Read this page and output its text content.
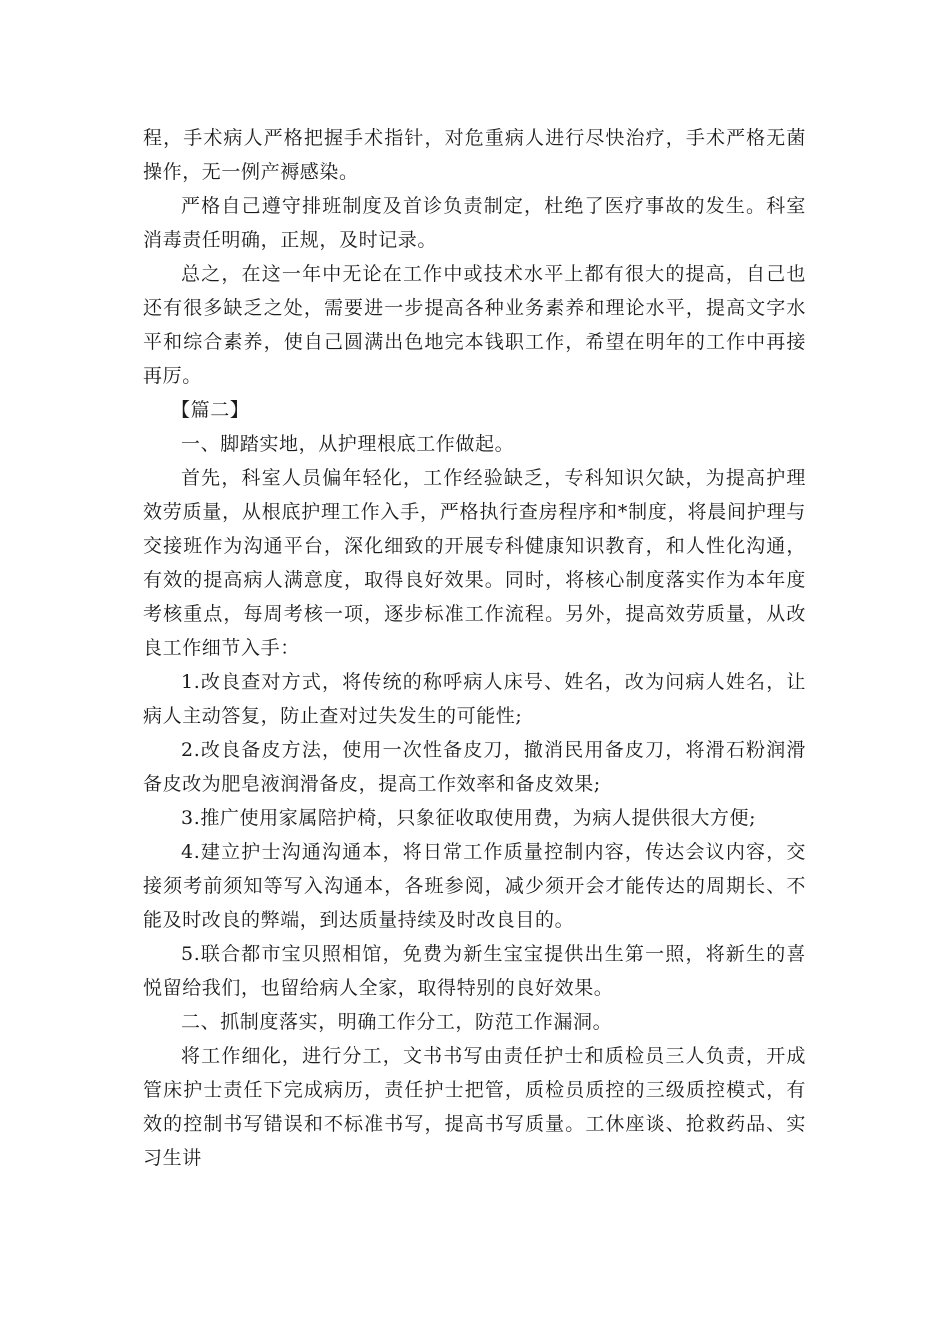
程，手术病人严格把握手术指针，对危重病人进行尽快治疗，手术严格无菌操作，无一例产褥感染。

严格自己遵守排班制度及首诊负责制定，杜绝了医疗事故的发生。科室消毒责任明确，正规，及时记录。

总之，在这一年中无论在工作中或技术水平上都有很大的提高，自己也还有很多缺乏之处，需要进一步提高各种业务素养和理论水平，提高文字水平和综合素养，使自己圆满出色地完本钱职工作，希望在明年的工作中再接再厉。

【篇二】

一、脚踏实地，从护理根底工作做起。

首先，科室人员偏年轻化，工作经验缺乏，专科知识欠缺，为提高护理效劳质量，从根底护理工作入手，严格执行查房程序和*制度，将晨间护理与交接班作为沟通平台，深化细致的开展专科健康知识教育，和人性化沟通，有效的提高病人满意度，取得良好效果。同时，将核心制度落实作为本年度考核重点，每周考核一项，逐步标准工作流程。另外，提高效劳质量，从改良工作细节入手：

1.改良查对方式，将传统的称呼病人床号、姓名，改为问病人姓名，让病人主动答复，防止查对过失发生的可能性;

2.改良备皮方法，使用一次性备皮刀，撤消民用备皮刀，将滑石粉润滑备皮改为肥皂液润滑备皮，提高工作效率和备皮效果;

3.推广使用家属陪护椅，只象征收取使用费，为病人提供很大方便;

4.建立护士沟通沟通本，将日常工作质量控制内容，传达会议内容，交接须考前须知等写入沟通本，各班参阅，减少须开会才能传达的周期长、不能及时改良的弊端，到达质量持续及时改良目的。

5.联合都市宝贝照相馆，免费为新生宝宝提供出生第一照，将新生的喜悦留给我们，也留给病人全家，取得特别的良好效果。

二、抓制度落实，明确工作分工，防范工作漏洞。

将工作细化，进行分工，文书书写由责任护士和质检员三人负责，开成管床护士责任下完成病历，责任护士把管，质检员质控的三级质控模式，有效的控制书写错误和不标准书写，提高书写质量。工休座谈、抢救药品、实习生讲
